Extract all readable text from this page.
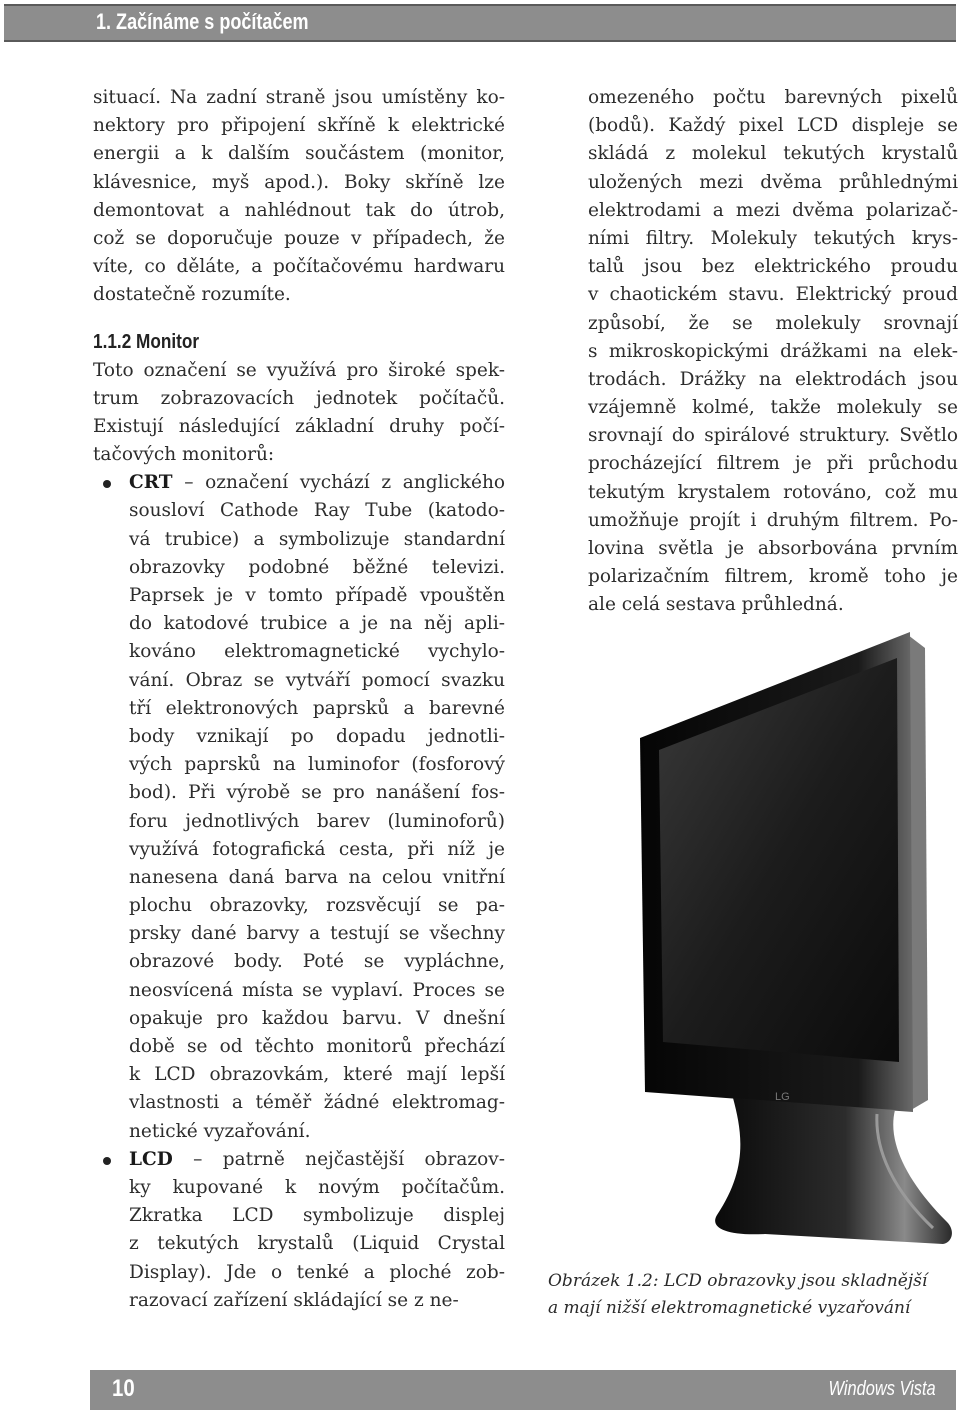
1. Začínáme s počítačem
situací. Na zadní straně jsou umístěny ko-
nektory pro připojení skříně k elektrické
energii a k dalším součástem (monitor,
klávesnice, myš apod.). Boky skříně lze
demontovat a nahlédnout tak do útrob,
což se doporučuje pouze v případech, že
víte, co děláte, a počítačovému hardwaru
dostatečně rozumíte.
1.1.2 Monitor
Toto označení se využívá pro široké spek-
trum zobrazovacích jednotek počítačů.
Existují následující základní druhy počí-
tačových monitorů:
CRT – označení vychází z anglického
sousloví Cathode Ray Tube (katodo-
vá trubice) a symbolizuje standardní
obrazovky podobné běžné televizi.
Paprsek je v tomto případě vpouštěn
do katodové trubice a je na něj apli-
kováno elektromagnetické vychylo-
vání. Obraz se vytváří pomocí svazku
tří elektronových paprsků a barevné
body vznikají po dopadu jednotli-
vých paprsků na luminofor (fosforový
bod). Při výrobě se pro nanášení fos-
foru jednotlivých barev (luminoforů)
využívá fotografická cesta, při níž je
nanesena daná barva na celou vnitřní
plochu obrazovky, rozsvěcují se pa-
prsky dané barvy a testují se všechny
obrazové body. Poté se vypláchne,
neosvícená místa se vyplaví. Proces se
opakuje pro každou barvu. V dnešní
době se od těchto monitorů přechází
k LCD obrazovkám, které mají lepší
vlastnosti a téměř žádné elektromag-
netické vyzařování.
LCD – patrně nejčastější obrazov-
ky kupované k novým počítačům.
Zkratka LCD symbolizuje displej
z tekutých krystalů (Liquid Crystal
Display). Jde o tenké a ploché zob-
razovací zařízení skládající se z ne-
omezeného počtu barevných pixelů
(bodů). Každý pixel LCD displeje se
skládá z molekul tekutých krystalů
uložených mezi dvěma průhlednými
elektrodami a mezi dvěma polarizač-
ními filtry. Molekuly tekutých krys-
talů jsou bez elektrického proudu
v chaotickém stavu. Elektrický proud
způsobí, že se molekuly srovnají
s mikroskopickými drážkami na elek-
trodách. Drážky na elektrodách jsou
vzájemně kolmé, takže molekuly se
srovnají do spirálové struktury. Světlo
procházející filtrem je při průchodu
tekutým krystalem rotováno, což mu
umožňuje projít i druhým filtrem. Po-
lovina světla je absorbována prvním
polarizačním filtrem, kromě toho je
ale celá sestava průhledná.
LG
Obrázek 1.2: LCD obrazovky jsou skladnější
a mají nižší elektromagnetické vyzařování
10	Windows Vista
